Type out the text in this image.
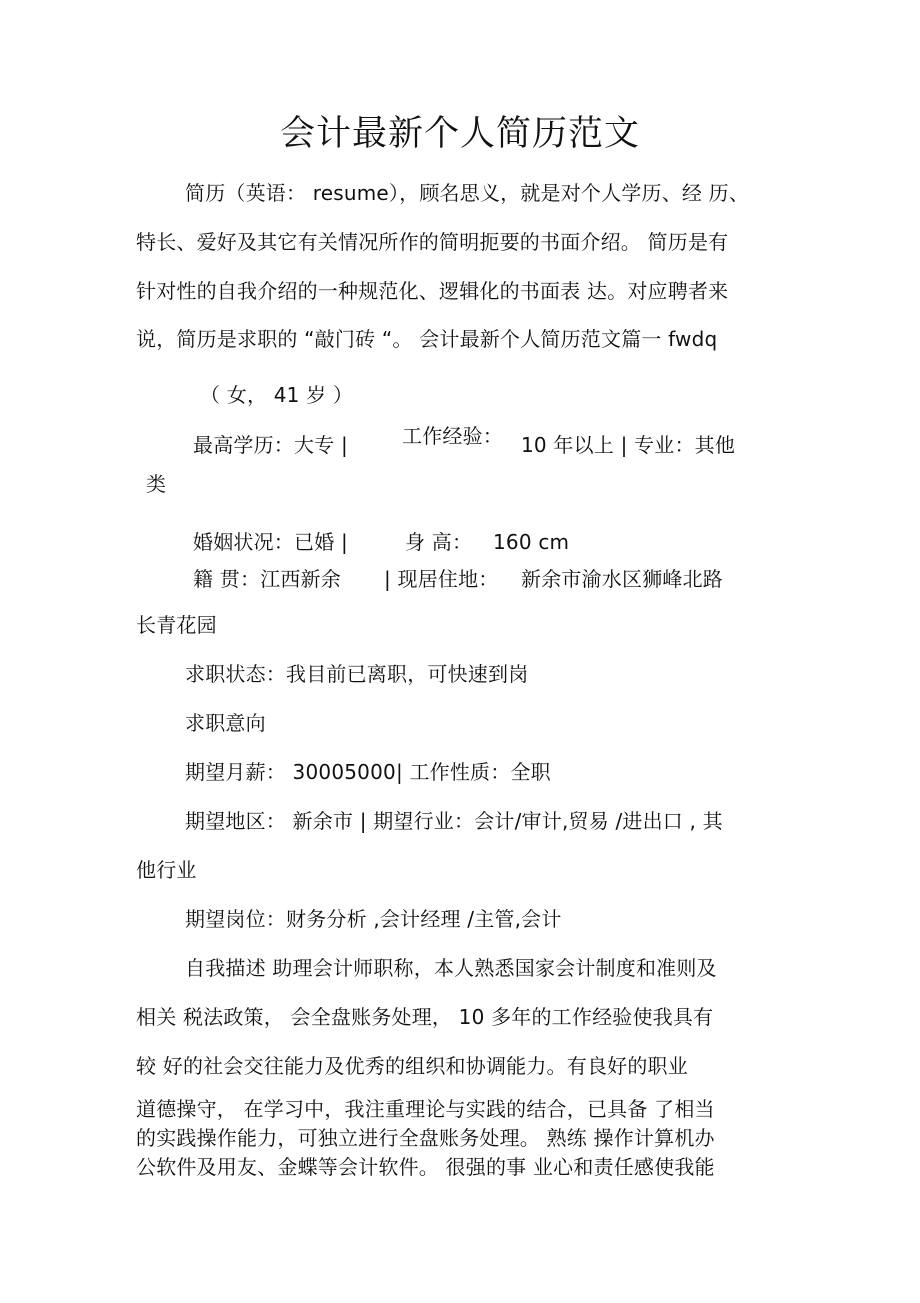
会计最新个人简历范文
简历（英语： resume），顾名思义，就是对个人学历、经 历、
特长、爱好及其它有关情况所作的简明扼要的书面介绍。 简历是有
针对性的自我介绍的一种规范化、逻辑化的书面表 达。对应聘者来
说，简历是求职的 “敲门砖 “。 会计最新个人简历范文篇一 fwdq
（ 女， 41 岁 ）
最高学历：大专 |	工作经验： 10 年以上 | 专业：其他
类
婚姻状况：已婚 |	身 高： 160 cm
籍 贯：江西新余 | 现居住地： 新余市渝水区狮峰北路
长青花园
求职状态：我目前已离职，可快速到岗
求职意向
期望月薪： 30005000| 工作性质：全职
期望地区： 新余市 | 期望行业：会计/审计,贸易 /进出口 , 其
他行业
期望岗位：财务分析 ,会计经理 /主管,会计
自我描述 助理会计师职称，本人熟悉国家会计制度和准则及
相关 税法政策， 会全盘账务处理， 10 多年的工作经验使我具有
较 好的社会交往能力及优秀的组织和协调能力。有良好的职业
道德操守， 在学习中，我注重理论与实践的结合，已具备 了相当
的实践操作能力，可独立进行全盘账务处理。 熟练 操作计算机办
公软件及用友、金蝶等会计软件。 很强的事 业心和责任感使我能
